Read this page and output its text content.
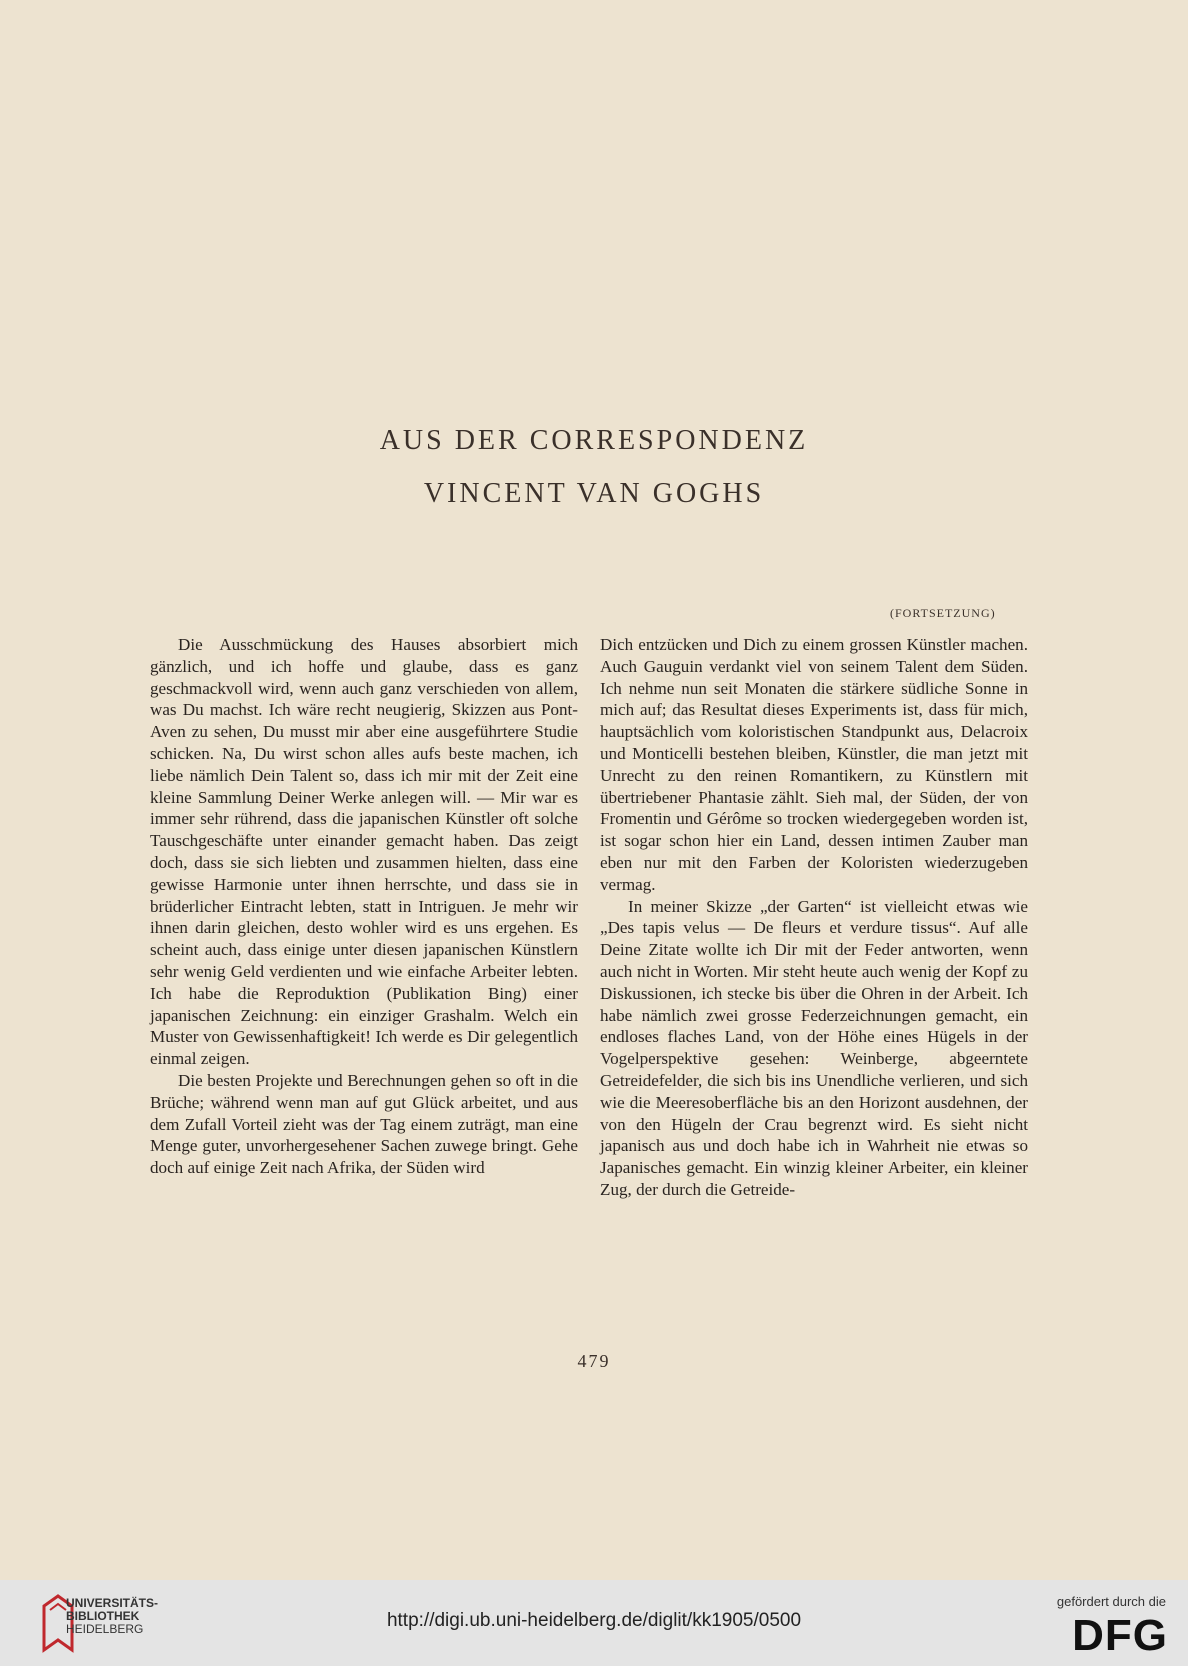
AUS DER CORRESPONDENZ
VINCENT VAN GOGHS
(FORTSETZUNG)

Die Ausschmückung des Hauses absorbiert mich gänzlich, und ich hoffe und glaube, dass es ganz geschmackvoll wird, wenn auch ganz verschieden von allem, was Du machst. Ich wäre recht neugierig, Skizzen aus Pont-Aven zu sehen, Du musst mir aber eine ausgeführtere Studie schicken. Na, Du wirst schon alles aufs beste machen, ich liebe nämlich Dein Talent so, dass ich mir mit der Zeit eine kleine Sammlung Deiner Werke anlegen will. — Mir war es immer sehr rührend, dass die japanischen Künstler oft solche Tauschgeschäfte unter einander gemacht haben. Das zeigt doch, dass sie sich liebten und zusammen hielten, dass eine gewisse Harmonie unter ihnen herrschte, und dass sie in brüderlicher Eintracht lebten, statt in Intriguen. Je mehr wir ihnen darin gleichen, desto wohler wird es uns ergehen. Es scheint auch, dass einige unter diesen japanischen Künstlern sehr wenig Geld verdienten und wie einfache Arbeiter lebten. Ich habe die Reproduktion (Publikation Bing) einer japanischen Zeichnung: ein einziger Grashalm. Welch ein Muster von Gewissenhaftigkeit! Ich werde es Dir gelegentlich einmal zeigen.

Die besten Projekte und Berechnungen gehen so oft in die Brüche; während wenn man auf gut Glück arbeitet, und aus dem Zufall Vorteil zieht was der Tag einem zuträgt, man eine Menge guter, unvorhergesehener Sachen zuwege bringt. Gehe doch auf einige Zeit nach Afrika, der Süden wird

Dich entzücken und Dich zu einem grossen Künstler machen. Auch Gauguin verdankt viel von seinem Talent dem Süden. Ich nehme nun seit Monaten die stärkere südliche Sonne in mich auf; das Resultat dieses Experiments ist, dass für mich, hauptsächlich vom koloristischen Standpunkt aus, Delacroix und Monticelli bestehen bleiben, Künstler, die man jetzt mit Unrecht zu den reinen Romantikern, zu Künstlern mit übertriebener Phantasie zählt. Sieh mal, der Süden, der von Fromentin und Gérôme so trocken wiedergegeben worden ist, ist sogar schon hier ein Land, dessen intimen Zauber man eben nur mit den Farben der Koloristen wiederzugeben vermag.

In meiner Skizze „der Garten“ ist vielleicht etwas wie „Des tapis velus — De fleurs et verdure tissus“. Auf alle Deine Zitate wollte ich Dir mit der Feder antworten, wenn auch nicht in Worten. Mir steht heute auch wenig der Kopf zu Diskussionen, ich stecke bis über die Ohren in der Arbeit. Ich habe nämlich zwei grosse Federzeichnungen gemacht, ein endloses flaches Land, von der Höhe eines Hügels in der Vogelperspektive gesehen: Weinberge, abgeerntete Getreidefelder, die sich bis ins Unendliche verlieren, und sich wie die Meeresoberfläche bis an den Horizont ausdehnen, der von den Hügeln der Crau begrenzt wird. Es sieht nicht japanisch aus und doch habe ich in Wahrheit nie etwas so Japanisches gemacht. Ein winzig kleiner Arbeiter, ein kleiner Zug, der durch die Getreide-

479
UNIVERSITÄTS-
BIBLIOTHEK
HEIDELBERG	http://digi.ub.uni-heidelberg.de/diglit/kk1905/0500
gefördert durch die
DFG
